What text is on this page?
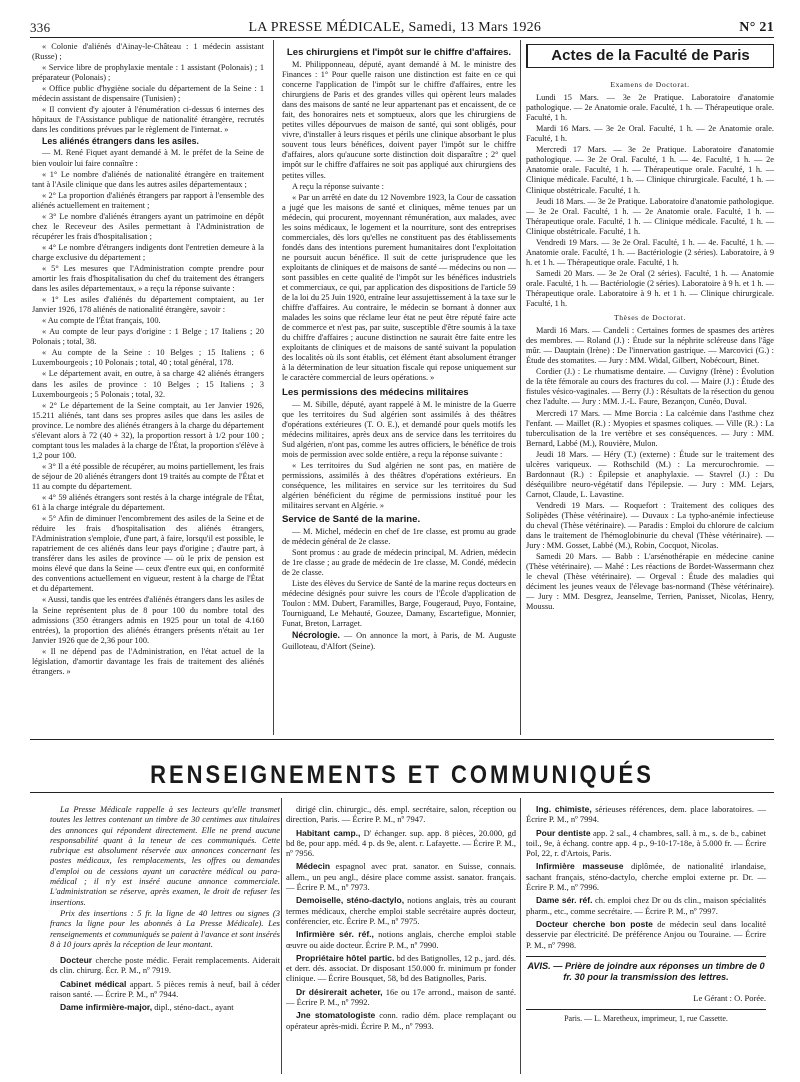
336	LA PRESSE MÉDICALE, Samedi, 13 Mars 1926	N° 21
« Colonie d'aliénés d'Ainay-le-Château : 1 médecin assistant (Russe) ;
« Service libre de prophylaxie mentale : 1 assistant (Polonais) ; 1 préparateur (Polonais) ;
« Office public d'hygiène sociale du département de la Seine : 1 médecin assistant de dispensaire (Tunisien) ;
« Il convient d'y ajouter à l'énumération ci-dessus 6 internes des hôpitaux de l'Assistance publique de nationalité étrangère, recrutés dans les conditions prévues par le règlement de l'internat. »
Les aliénés étrangers dans les asiles.
— M. René Fiquet ayant demandé à M. le préfet de la Seine de bien vouloir lui faire connaître :
« 1° Le nombre d'aliénés de nationalité étrangère en traitement tant à l'Asile clinique que dans les autres asiles départementaux ;
« 2° La proportion d'aliénés étrangers par rapport à l'ensemble des aliénés actuellement en traitement ;
« 3° Le nombre d'aliénés étrangers ayant un patrimoine en dépôt chez le Receveur des Asiles permettant à l'Administration de récupérer les frais d'hospitalisation ;
« 4° Le nombre d'étrangers indigents dont l'entretien demeure à la charge exclusive du département ;
« 5° Les mesures que l'Administration compte prendre pour amortir les frais d'hospitalisation du chef du traitement des étrangers dans les asiles départementaux, » a reçu la réponse suivante :
« 1° Les asiles d'aliénés du département comptaient, au 1er Janvier 1926, 178 aliénés de nationalité étrangère, savoir :
« Au compte de l'État français, 100.
« Au compte de leur pays d'origine : 1 Belge ; 17 Italiens ; 20 Polonais ; total, 38.
« Au compte de la Seine : 10 Belges ; 15 Italiens ; 6 Luxembourgeois ; 10 Polonais ; total, 40 ; total général, 178.
« Le département avait, en outre, à sa charge 42 aliénés étrangers dans les asiles de province : 10 Belges ; 15 Italiens ; 3 Luxembourgeois ; 5 Polonais ; total, 32.
« 2° Le département de la Seine comptait, au 1er Janvier 1926, 15.211 aliénés, tant dans ses propres asiles que dans les asiles de province. Le nombre des aliénés étrangers à la charge du département s'élevant alors à 72 (40 + 32), la proportion ressort à 1/2 pour 100 ; comptant tous les malades à la charge de l'État, la proportion s'élève à 1,2 pour 100.
« 3° Il a été possible de récupérer, au moins partiellement, les frais de séjour de 20 aliénés étrangers dont 19 traités au compte de l'État et 11 au compte du département.
« 4° 59 aliénés étrangers sont restés à la charge intégrale de l'État, 61 à la charge intégrale du département.
« 5° Afin de diminuer l'encombrement des asiles de la Seine et de réduire les frais d'hospitalisation des aliénés étrangers, l'Administration s'emploie, d'une part, à faire, lorsqu'il est possible, le rapatriement de ces aliénés dans leur pays d'origine ; d'autre part, à transférer dans les asiles de province — où le prix de pension est moins élevé que dans la Seine — ceux d'entre eux qui, en conformité des conventions actuellement en vigueur, restent à la charge de l'État et du département.
« Aussi, tandis que les entrées d'aliénés étrangers dans les asiles de la Seine représentent plus de 8 pour 100 du nombre total des admissions (350 étrangers admis en 1925 pour un total de 4.160 entrées), la proportion des aliénés étrangers présents n'était au 1er Janvier 1926 que de 2,36 pour 100.
« Il ne dépend pas de l'Administration, en l'état actuel de la législation, d'amortir davantage les frais de traitement des aliénés étrangers. »
Les chirurgiens et l'impôt sur le chiffre d'affaires.
M. Philipponneau, député, ayant demandé à M. le ministre des Finances : 1° Pour quelle raison une distinction est faite en ce qui concerne l'application de l'impôt sur le chiffre d'affaires, entre les chirurgiens de Paris et des grandes villes qui opèrent leurs malades dans des maisons de santé ne leur appartenant pas et encaissent, de ce fait, des honoraires nets et somptueux, alors que les chirurgiens de petites villes dépourvues de maison de santé, qui sont obligés, pour vivre, d'installer à leurs risques et périls une clinique absorbant le plus souvent tous leurs bénéfices, doivent payer l'impôt sur le chiffre d'affaires, alors qu'aucune sorte distinction doit disparaître ; 2° quel impôt sur le chiffre d'affaires ne soit pas appliqué aux chirurgiens des petites villes.
A reçu la réponse suivante :
« Par un arrêté en date du 12 Novembre 1923, la Cour de cassation a jugé que les maisons de santé et cliniques, même tenues par un médecin, qui procurent, moyennant rémunération, aux malades, avec les soins médicaux, le logement et la nourriture, sont des entreprises commerciales, dès lors qu'elles ne constituent pas des établissements fondés dans des intentions purement humanitaires dont l'exploitation ne poursuit aucun bénéfice. Il suit de cette jurisprudence que les exploitants de cliniques et de maisons de santé — médecins ou non — sont passibles en cette qualité de l'impôt sur les bénéfices industriels et commerciaux, ce qui, par application des dispositions de l'article 59 de la loi du 25 Juin 1920, entraîne leur assujettissement à la taxe sur le chiffre d'affaires. Au contraire, le médecin se bornant à donner aux malades les soins que réclame leur état ne peut être réputé faire acte de commerce et n'est pas, par suite, susceptible d'être soumis à la taxe du chiffre d'affaires ; aucune distinction ne saurait être faite entre les exploitants de cliniques et de maisons de santé suivant la population des localités où ils sont établis, cet élément étant absolument étranger à la détermination de leur situation fiscale qui repose uniquement sur le caractère commercial de leurs opérations. »
Les permissions des médecins militaires
— M. Sibille, député, ayant rappelé à M. le ministre de la Guerre que les territoires du Sud algérien sont assimilés à des théâtres d'opérations extérieures (T. O. E.), et demandé pour quels motifs les médecins militaires, après deux ans de service dans les territoires du Sud algérien, n'ont pas, comme les autres officiers, le bénéfice de trois mois de permission avec solde entière, a reçu la réponse suivante :
« Les territoires du Sud algérien ne sont pas, en matière de permissions, assimilés à des théâtres d'opérations extérieurs. En conséquence, les militaires en service sur les territoires du Sud algérien bénéficient du régime de permissions institué pour les militaires servant en Algérie. »
Service de Santé de la marine.
— M. Michel, médecin en chef de 1re classe, est promu au grade de médecin général de 2e classe.
Sont promus : au grade de médecin principal, M. Adrien, médecin de 1re classe ; au grade de médecin de 1re classe, M. Condé, médecin de 2e classe.
Liste des élèves du Service de Santé de la marine reçus docteurs en médecine désignés pour suivre les cours de l'École d'application de Toulon : MM. Dubert, Faramilles, Barge, Fougeraud, Puyo, Fontaine, Tourniguand, Le Mehauté, Gouzee, Damany, Escartefigue, Monnier, Funat, Breton, Larraget.
Nécrologie. — On annonce la mort, à Paris, de M. Auguste Guilloteau, d'Alfort (Seine).
Actes de la Faculté de Paris
Examens de Doctorat.
Lundi 15 Mars. — 3e 2e Pratique. Laboratoire d'anatomie pathologique. — 2e Anatomie orale. Faculté, 1 h. — Thérapeutique orale. Faculté, 1 h.
Mardi 16 Mars. — 3e 2e Oral. Faculté, 1 h. — 2e Anatomie orale. Faculté, 1 h.
Mercredi 17 Mars. — 3e 2e Pratique. Laboratoire d'anatomie pathologique. — 3e 2e Oral. Faculté, 1 h. — 4e. Faculté, 1 h. — 2e Anatomie orale. Faculté, 1 h. — Thérapeutique orale. Faculté, 1 h. — Clinique médicale. Faculté, 1 h. — Clinique chirurgicale. Faculté, 1 h. — Clinique obstétricale. Faculté, 1 h.
Jeudi 18 Mars. — 3e 2e Pratique. Laboratoire d'anatomie pathologique. — 3e 2e Oral. Faculté, 1 h. — 2e Anatomie orale. Faculté, 1 h. — Thérapeutique orale. Faculté, 1 h. — Clinique médicale. Faculté, 1 h. — Clinique obstétricale. Faculté, 1 h.
Vendredi 19 Mars. — 3e 2e Oral. Faculté, 1 h. — 4e. Faculté, 1 h. — Anatomie orale. Faculté, 1 h. — Bactériologie (2 séries). Laboratoire, à 9 h. et 1 h. — Thérapeutique orale. Faculté, 1 h.
Samedi 20 Mars. — 3e 2e Oral (2 séries). Faculté, 1 h. — Anatomie orale. Faculté, 1 h. — Bactériologie (2 séries). Laboratoire à 9 h. et 1 h. — Thérapeutique orale. Laboratoire à 9 h. et 1 h. — Clinique chirurgicale. Faculté, 1 h.
Thèses de Doctorat.
Mardi 16 Mars. — Candeli : Certaines formes de spasmes des artères des membres. — Roland (J.) : Étude sur la néphrite scléreuse dans l'âge mûr. — Dauptain (Irène) : De l'innervation gastrique. — Marcovici (G.) : Étude des stomatites. — Jury : MM. Widal, Gilbert, Nobécourt, Binet.
Cordier (J.) : Le rhumatisme dentaire. — Cuvigny (Irène) : Évolution de la tête fémorale au cours des fractures du col. — Maire (J.) : Étude des fistules vésico-vaginales. — Berry (J.) : Résultats de la résection du genou chez l'adulte. — Jury : MM. J.-L. Faure, Bezançon, Cunéo, Duval.
Mercredi 17 Mars. — Mme Borcia : La calcémie dans l'asthme chez l'enfant. — Maillet (R.) : Myopies et spasmes coliques. — Ville (R.) : La tuberculisation de la 1re vertèbre et ses conséquences. — Jury : MM. Bernard, Labbé (M.), Rouvière, Mulon.
Jeudi 18 Mars. — Héry (T.) (externe) : Étude sur le traitement des ulcères variqueux. — Rothschild (M.) : La mercurochromie. — Bardonnaut (R.) : Épilepsie et anaphylaxie. — Stavrel (J.) : Du déséquilibre neuro-végétatif dans l'épilepsie. — Jury : MM. Lejars, Carnot, Claude, L. Lavastine.
Vendredi 19 Mars. — Roquefort : Traitement des coliques des Solipèdes (Thèse vétérinaire). — Duvaux : La typho-anémie infectieuse du cheval (Thèse vétérinaire). — Paradis : Emploi du chlorure de calcium dans le traitement de l'hémoglobinurie du cheval (Thèse vétérinaire). — Jury : MM. Gosset, Labbé (M.), Robin, Cocquot, Nicolas.
Samedi 20 Mars. — Babb : L'arsénothérapie en médecine canine (Thèse vétérinaire). — Mahé : Les réactions de Bordet-Wassermann chez le cheval (Thèse vétérinaire). — Orgeval : Étude des maladies qui déciment les jeunes veaux de l'élevage bas-normand (Thèse vétérinaire). — Jury : MM. Desgrez, Jeanselme, Terrien, Panisset, Nicolas, Henry, Moussu.
RENSEIGNEMENTS ET COMMUNIQUÉS
La Presse Médicale rappelle à ses lecteurs qu'elle transmet toutes les lettres contenant un timbre de 30 centimes aux titulaires des annonces qui répondent directement. Elle ne prend aucune responsabilité quant à la teneur de ces communiqués. Cette rubrique est absolument réservée aux annonces concernant les postes médicaux, les remplacements, les offres ou demandes d'emploi ou de cessions ayant un caractère médical ou para-médical ; il n'y est inséré aucune annonce commerciale. L'administration se réserve, après examen, le droit de refuser les insertions.
Prix des insertions : 5 fr. la ligne de 40 lettres ou signes (3 francs la ligne pour les abonnés à La Presse Médicale). Les renseignements et communiqués se paient à l'avance et sont insérés 8 à 10 jours après la réception de leur montant.
Docteur cherche poste médic. Ferait remplacements. Aiderait ds clin. chirurg. Écr. P. M., nº 7919.
Cabinet médical appart. 5 pièces remis à neuf, bail à céder raison santé. — Écrire P. M., nº 7944.
Dame infirmière-major, dipl., sténo-dact., ayant
dirigé clin. chirurgic., dés. empl. secrétaire, salon, réception ou direction, Paris. — Écrire P. M., nº 7947.
Habitant camp., D' échanger. sup. app. 8 pièces, 20.000, gd bd 8e, pour app. méd. 4 p. ds 9e, alent. r. Lafayette. — Écrire P. M., nº 7956.
Médecin espagnol avec prat. sanator. en Suisse, connais. allem., un peu angl., désire place comme assist. sanator. français. — Écrire P. M., nº 7973.
Demoiselle, sténo-dactylo, notions anglais, très au courant termes médicaux, cherche emploi stable secrétaire auprès docteur, conférencier, etc. Écrire P. M., nº 7975.
Infirmière sér. réf., notions anglais, cherche emploi stable œuvre ou aide docteur. Écrire P. M., nº 7990.
Propriétaire hôtel partic. bd des Batignolles, 12 p., jard. dés. et derr. dés. associat. Dr disposant 150.000 fr. minimum pr fonder clinique. — Écrire Bousquet, 58, bd des Batignolles, Paris.
Dr désirerait acheter, 16e ou 17e arrond., maison de santé. — Écrire P. M., nº 7992.
Jne stomatologiste conn. radio dém. place remplaçant ou opérateur après-midi. Écrire P. M., nº 7993.
Ing. chimiste, sérieuses références, dem. place laboratoires. — Écrire P. M., nº 7994.
Pour dentiste app. 2 sal., 4 chambres, sall. à m., s. de b., cabinet toil., 9e, à échang. contre app. 4 p., 9-10-17-18e, à 5.000 fr. — Écrire Pol, 22, r. d'Artois, Paris.
Infirmière masseuse diplômée, de nationalité irlandaise, sachant français, sténo-dactylo, cherche emploi externe pr. Dr. — Écrire P. M., nº 7996.
Dame sér. réf. ch. emploi chez Dr ou ds clin., maison spécialités pharm., etc., comme secrétaire. — Écrire P. M., nº 7997.
Docteur cherche bon poste de médecin seul dans localité desservie par électricité. De préférence Anjou ou Touraine. — Écrire P. M., nº 7998.
AVIS. — Prière de joindre aux réponses un timbre de 0 fr. 30 pour la transmission des lettres.
Le Gérant : O. Porée.
Paris. — L. Maretheux, imprimeur, 1, rue Cassette.
